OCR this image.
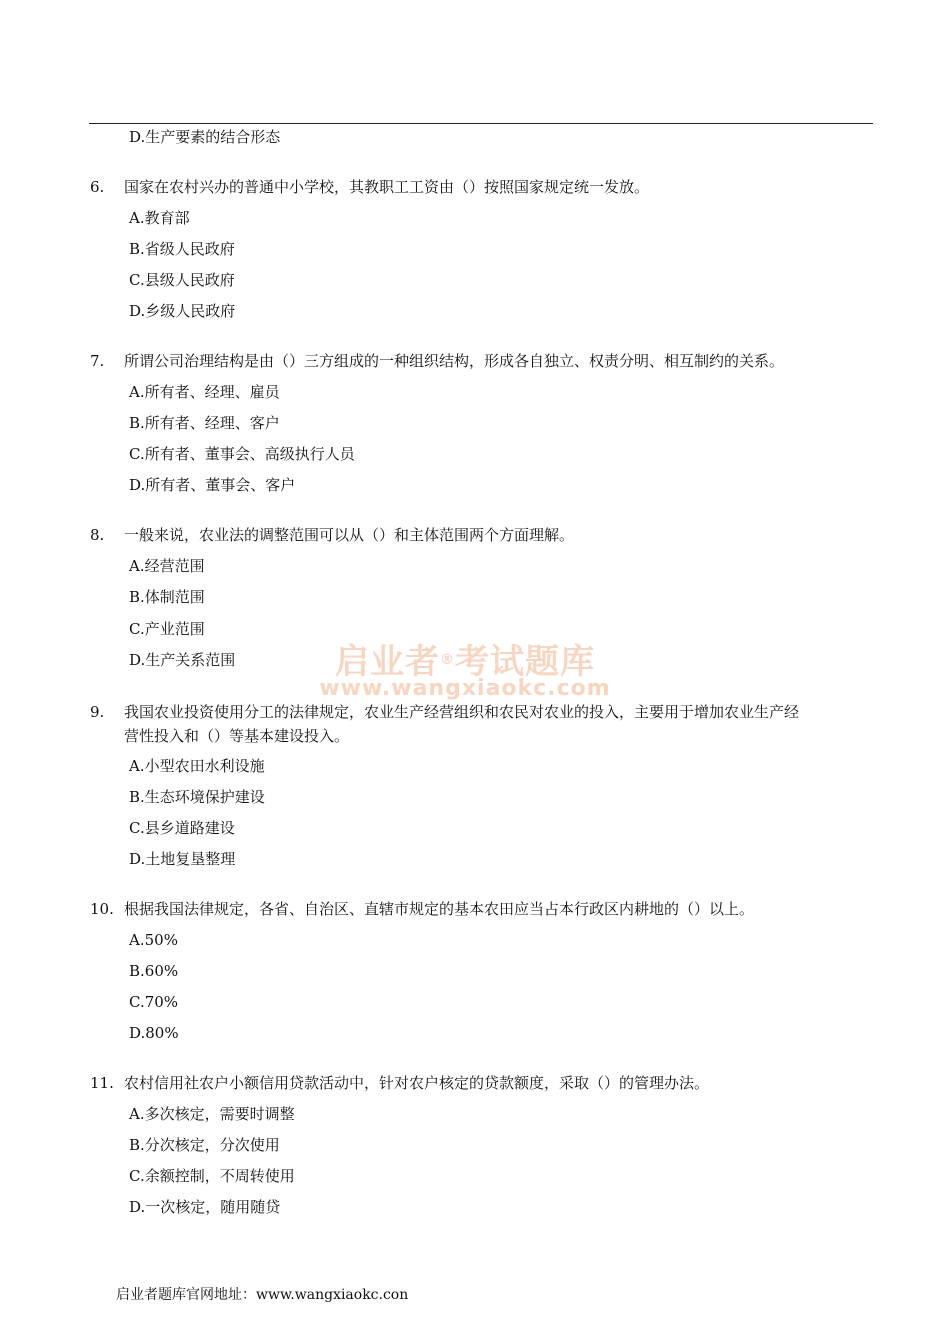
D.生产要素的结合形态
6. 国家在农村兴办的普通中小学校，其教职工工资由（）按照国家规定统一发放。
A.教育部
B.省级人民政府
C.县级人民政府
D.乡级人民政府
7. 所谓公司治理结构是由（）三方组成的一种组织结构，形成各自独立、权责分明、相互制约的关系。
A.所有者、经理、雇员
B.所有者、经理、客户
C.所有者、董事会、高级执行人员
D.所有者、董事会、客户
8. 一般来说，农业法的调整范围可以从（）和主体范围两个方面理解。
A.经营范围
B.体制范围
C.产业范围
D.生产关系范围	启业者®考试题库
www.wangxiaokc.com
9. 我国农业投资使用分工的法律规定，农业生产经营组织和农民对农业的投入，主要用于增加农业生产经
营性投入和（）等基本建设投入。
A.小型农田水利设施
B.生态环境保护建设
C.县乡道路建设
D.土地复垦整理
10. 根据我国法律规定，各省、自治区、直辖市规定的基本农田应当占本行政区内耕地的（）以上。
A.50%
B.60%
C.70%
D.80%
11. 农村信用社农户小额信用贷款活动中，针对农户核定的贷款额度，采取（）的管理办法。
A.多次核定，需要时调整
B.分次核定，分次使用
C.余额控制，不周转使用
D.一次核定，随用随贷
启业者题库官网地址：www.wangxiaokc.con
